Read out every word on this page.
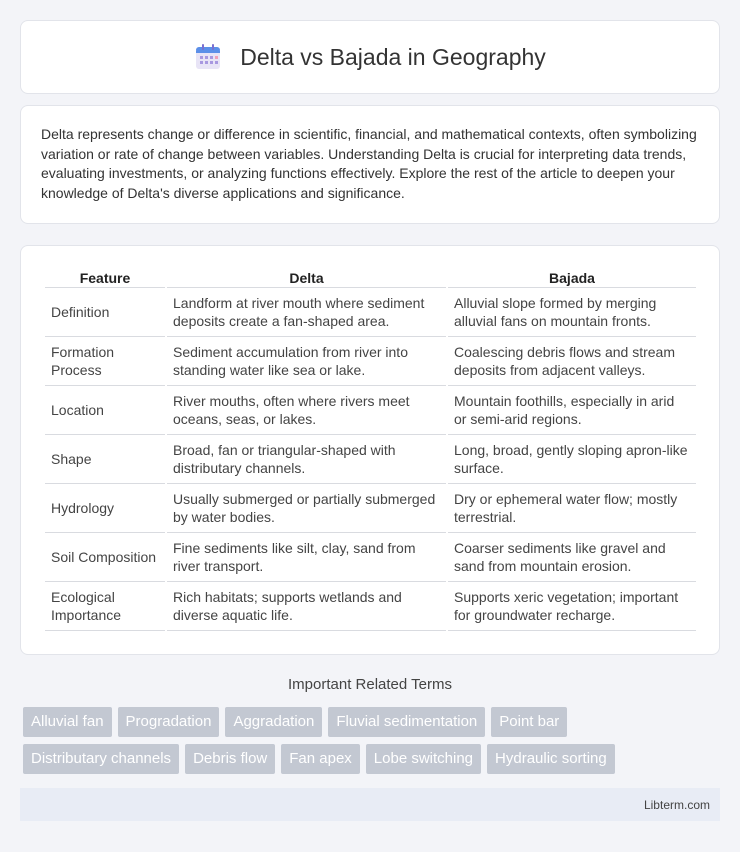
Delta vs Bajada in Geography

Delta represents change or difference in scientific, financial, and mathematical contexts, often symbolizing variation or rate of change between variables. Understanding Delta is crucial for interpreting data trends, evaluating investments, or analyzing functions effectively. Explore the rest of the article to deepen your knowledge of Delta's diverse applications and significance.

Feature	Delta	Bajada
Definition	Landform at river mouth where sediment deposits create a fan-shaped area.	Alluvial slope formed by merging alluvial fans on mountain fronts.
Formation Process	Sediment accumulation from river into standing water like sea or lake.	Coalescing debris flows and stream deposits from adjacent valleys.
Location	River mouths, often where rivers meet oceans, seas, or lakes.	Mountain foothills, especially in arid or semi-arid regions.
Shape	Broad, fan or triangular-shaped with distributary channels.	Long, broad, gently sloping apron-like surface.
Hydrology	Usually submerged or partially submerged by water bodies.	Dry or ephemeral water flow; mostly terrestrial.
Soil Composition	Fine sediments like silt, clay, sand from river transport.	Coarser sediments like gravel and sand from mountain erosion.
Ecological Importance	Rich habitats; supports wetlands and diverse aquatic life.	Supports xeric vegetation; important for groundwater recharge.
Important Related Terms
Alluvial fan	Progradation	Aggradation	Fluvial sedimentation	Point bar
Distributary channels	Debris flow	Fan apex	Lobe switching	Hydraulic sorting
Libterm.com
